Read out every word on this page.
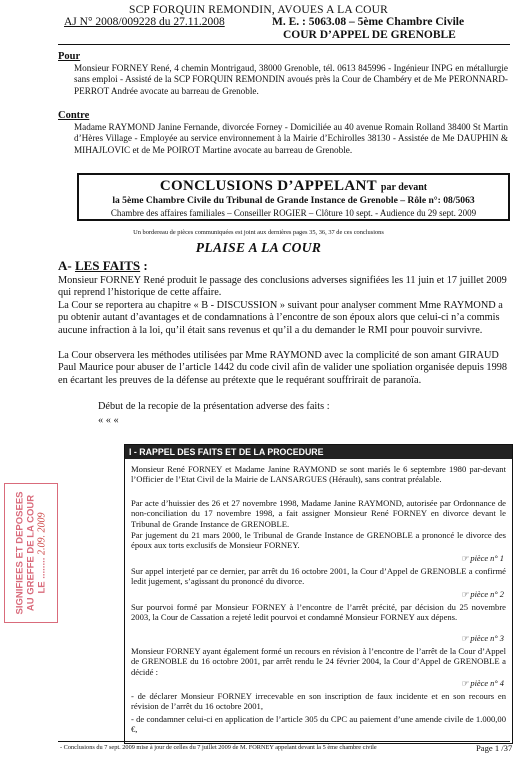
SCP FORQUIN REMONDIN, AVOUES A LA COUR
AJ N° 2008/009228 du 27.11.2008	M. E. : 5063.08 – 5ème Chambre Civile
COUR D’APPEL DE GRENOBLE
Pour
Monsieur FORNEY René, 4 chemin Montrigaud, 38000 Grenoble, tél. 0613 845996 - Ingénieur INPG en métallurgie sans emploi - Assisté de la SCP FORQUIN REMONDIN avoués près la Cour de Chambéry et de Me PERONNARD-PERROT Andrée avocate au barreau de Grenoble.
Contre
Madame RAYMOND Janine Fernande, divorcée Forney - Domiciliée au 40 avenue Romain Rolland 38400 St Martin d’Hères Village - Employée au service environnement à la Mairie d’Echirolles 38130 - Assistée de Me DAUPHIN & MIHAJLOVIC et de Me POIROT Martine avocate au barreau de Grenoble.
CONCLUSIONS D’APPELANT par devant
la 5ème Chambre Civile du Tribunal de Grande Instance de Grenoble – Rôle n°: 08/5063
Chambre des affaires familiales – Conseiller ROGIER – Clôture 10 sept. - Audience du 29 sept. 2009
Un bordereau de pièces communiquées est joint aux dernières pages 35, 36, 37 de ces conclusions
PLAISE A LA COUR
A- LES FAITS :
Monsieur FORNEY René produit le passage des conclusions adverses signifiées les 11 juin et 17 juillet 2009 qui reprend l’historique de cette affaire.
La Cour se reportera au chapitre « B - DISCUSSION » suivant pour analyser comment Mme RAYMOND a pu obtenir autant d’avantages et de condamnations à l’encontre de son époux alors que celui-ci n’a commis aucune infraction à la loi, qu’il était sans revenus et qu’il a du demander le RMI pour pouvoir survivre.
La Cour observera les méthodes utilisées par Mme RAYMOND avec la complicité de son amant GIRAUD Paul Maurice pour abuser de l’article 1442 du code civil afin de valider une spoliation organisée depuis 1998 en écartant les preuves de la défense au prétexte que le requérant souffrirait de paranoïa.
Début de la recopie de la présentation adverse des faits :
« « «
I - RAPPEL DES FAITS ET DE LA PROCEDURE
Monsieur René FORNEY et Madame Janine RAYMOND se sont mariés le 6 septembre 1980 par-devant l’Officier de l’Etat Civil de la Mairie de LANSARGUES (Hérault), sans contrat préalable.
Par acte d’huissier des 26 et 27 novembre 1998, Madame Janine RAYMOND, autorisée par Ordonnance de non-conciliation du 17 novembre 1998, a fait assigner Monsieur René FORNEY en divorce devant le Tribunal de Grande Instance de GRENOBLE.
Par jugement du 21 mars 2000, le Tribunal de Grande Instance de GRENOBLE a prononcé le divorce des époux aux torts exclusifs de Monsieur FORNEY.
☞ pièce n° 1
Sur appel interjeté par ce dernier, par arrêt du 16 octobre 2001, la Cour d’Appel de GRENOBLE a confirmé ledit jugement, s’agissant du prononcé du divorce.
☞ pièce n° 2
Sur pourvoi formé par Monsieur FORNEY à l’encontre de l’arrêt précité, par décision du 25 novembre 2003, la Cour de Cassation a rejeté ledit pourvoi et condamné Monsieur FORNEY aux dépens.
☞ pièce n° 3
Monsieur FORNEY ayant également formé un recours en révision à l’encontre de l’arrêt de la Cour d’Appel de GRENOBLE du 16 octobre 2001, par arrêt rendu le 24 février 2004, la Cour d’Appel de GRENOBLE a décidé :
☞ pièce n° 4
- de déclarer Monsieur FORNEY irrecevable en son inscription de faux incidente et en son recours en révision de l’arrêt du 16 octobre 2001,
- de condamner celui-ci en application de l’article 305 du CPC au paiement d’une amende civile de 1.000,00 €,
SIGNIFIEES ET DEPOSEES AU GREFFE DE LA COUR LE ........ 2.09. 2009
- Conclusions du 7 sept. 2009 mise à jour de celles du 7 juillet 2009 de M. FORNEY appelant devant la 5 ème chambre civile	Page 1 /37
